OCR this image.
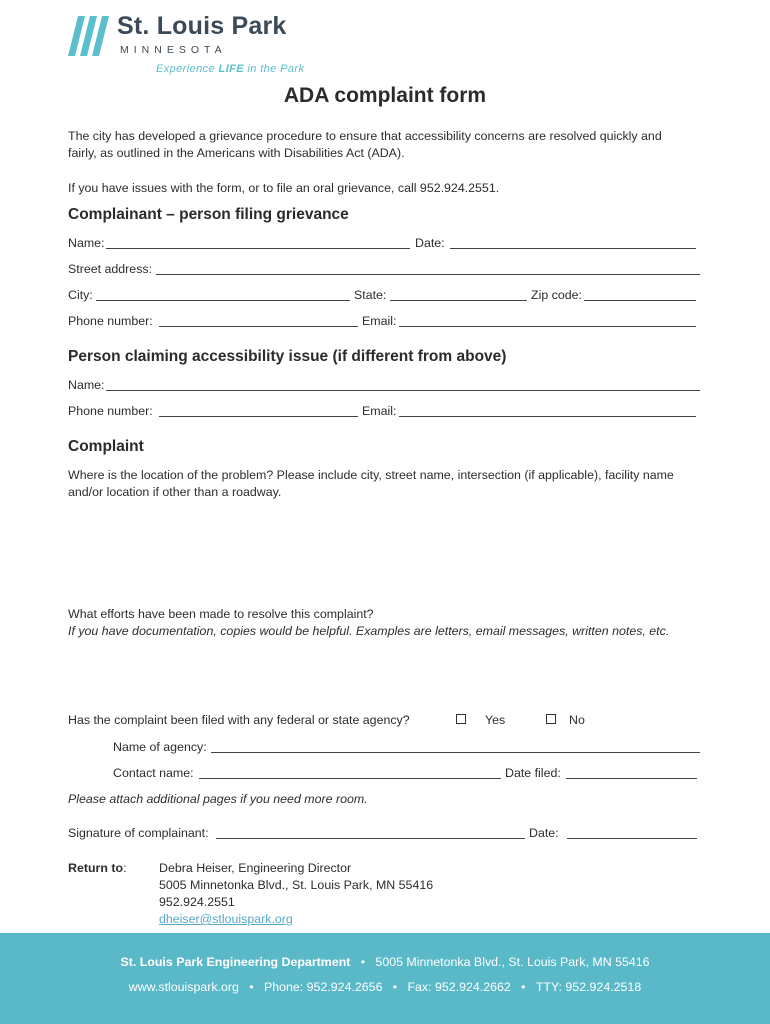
St. Louis Park
MINNESOTA
Experience LIFE in the Park
ADA complaint form
The city has developed a grievance procedure to ensure that accessibility concerns are resolved quickly and
fairly, as outlined in the Americans with Disabilities Act (ADA).
If you have issues with the form, or to file an oral grievance, call 952.924.2551.
Complainant – person filing grievance
Name:	Date:
Street address:
City:	State:	Zip code:
Phone number:	Email:
Person claiming accessibility issue (if different from above)
Name:
Phone number:	Email:
Complaint
Where is the location of the problem? Please include city, street name, intersection (if applicable), facility name
and/or location if other than a roadway.
What efforts have been made to resolve this complaint?
If you have documentation, copies would be helpful. Examples are letters, email messages, written notes, etc.
Has the complaint been filed with any federal or state agency?	Yes	No
Name of agency:
Contact name:	Date filed:
Please attach additional pages if you need more room.
Signature of complainant:	Date:
Return to:	Debra Heiser, Engineering Director
5005 Minnetonka Blvd., St. Louis Park, MN 55416
952.924.2551
dheiser@stlouispark.org
St. Louis Park Engineering Department • 5005 Minnetonka Blvd., St. Louis Park, MN 55416
www.stlouispark.org • Phone: 952.924.2656 • Fax: 952.924.2662 • TTY: 952.924.2518
